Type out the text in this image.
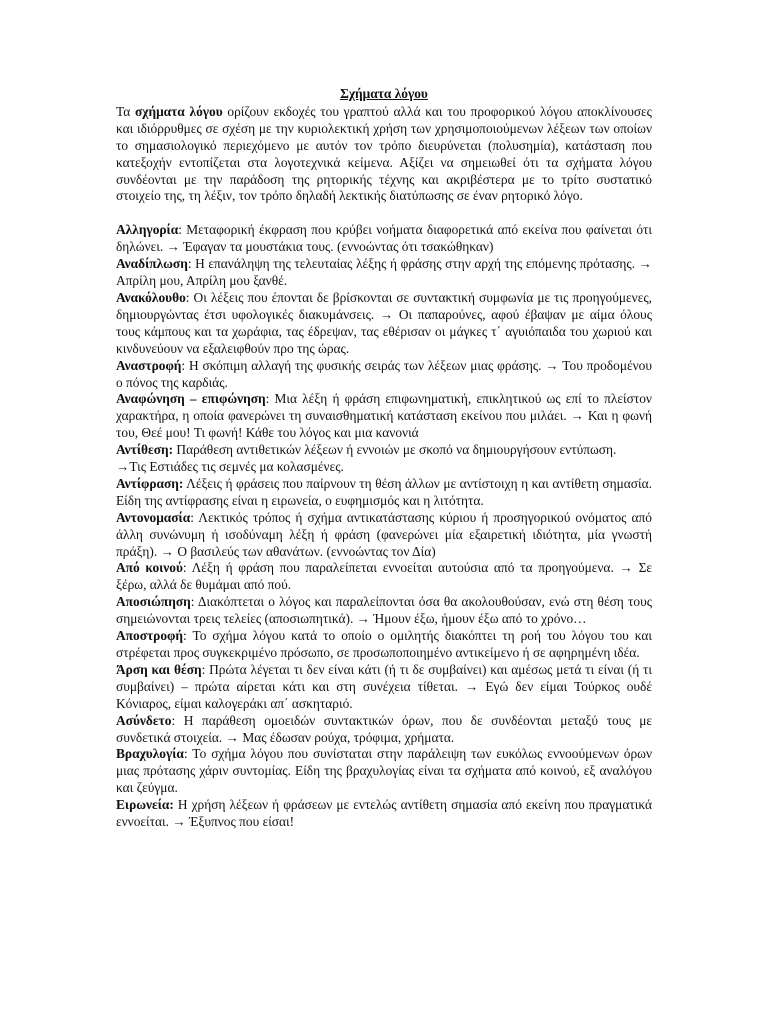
Σχήματα λόγου

Τα σχήματα λόγου ορίζουν εκδοχές του γραπτού αλλά και του προφορικού λόγου αποκλίνουσες και ιδιόρρυθμες σε σχέση με την κυριολεκτική χρήση των χρησιμοποιούμενων λέξεων των οποίων το σημασιολογικό περιεχόμενο με αυτόν τον τρόπο διευρύνεται (πολυσημία), κατάσταση που κατεξοχήν εντοπίζεται στα λογοτεχνικά κείμενα. Αξίζει να σημειωθεί ότι τα σχήματα λόγου συνδέονται με την παράδοση της ρητορικής τέχνης και ακριβέστερα με το τρίτο συστατικό στοιχείο της, τη λέξιν, τον τρόπο δηλαδή λεκτικής διατύπωσης σε έναν ρητορικό λόγο.

Αλληγορία: Μεταφορική έκφραση που κρύβει νοήματα διαφορετικά από εκείνα που φαίνεται ότι δηλώνει. → Έφαγαν τα μουστάκια τους. (εννοώντας ότι τσακώθηκαν)

Αναδίπλωση: Η επανάληψη της τελευταίας λέξης ή φράσης στην αρχή της επόμενης πρότασης. → Απρίλη μου, Απρίλη μου ξανθέ.

Ανακόλουθο: Οι λέξεις που έπονται δε βρίσκονται σε συντακτική συμφωνία με τις προηγούμενες, δημιουργώντας έτσι υφολογικές διακυμάνσεις. → Οι παπαρούνες, αφού έβαψαν με αίμα όλους τους κάμπους και τα χωράφια, τας έδρεψαν, τας εθέρισαν οι μάγκες τ΄ αγυιόπαιδα του χωριού και κινδυνεύουν να εξαλειφθούν προ της ώρας.

Αναστροφή: Η σκόπιμη αλλαγή της φυσικής σειράς των λέξεων μιας φράσης. → Του προδομένου ο πόνος της καρδιάς.

Αναφώνηση – επιφώνηση: Μια λέξη ή φράση επιφωνηματική, επικλητικού ως επί το πλείστον χαρακτήρα, η οποία φανερώνει τη συναισθηματική κατάσταση εκείνου που μιλάει. → Και η φωνή του, Θεέ μου! Τι φωνή! Κάθε του λόγος και μια κανονιά

Αντίθεση: Παράθεση αντιθετικών λέξεων ή εννοιών με σκοπό να δημιουργήσουν εντύπωση.

→Τις Εστιάδες τις σεμνές μα κολασμένες.

Αντίφραση: Λέξεις ή φράσεις που παίρνουν τη θέση άλλων με αντίστοιχη η και αντίθετη σημασία. Είδη της αντίφρασης είναι η ειρωνεία, ο ευφημισμός και η λιτότητα.

Αντονομασία: Λεκτικός τρόπος ή σχήμα αντικατάστασης κύριου ή προσηγορικού ονόματος από άλλη συνώνυμη ή ισοδύναμη λέξη ή φράση (φανερώνει μία εξαιρετική ιδιότητα, μία γνωστή πράξη). → Ο βασιλεύς των αθανάτων. (εννοώντας τον Δία)

Από κοινού: Λέξη ή φράση που παραλείπεται εννοείται αυτούσια από τα προηγούμενα. → Σε ξέρω, αλλά δε θυμάμαι από πού.

Αποσιώπηση: Διακόπτεται ο λόγος και παραλείπονται όσα θα ακολουθούσαν, ενώ στη θέση τους σημειώνονται τρεις τελείες (αποσιωπητικά). → Ήμουν έξω, ήμουν έξω από το χρόνο…

Αποστροφή: Το σχήμα λόγου κατά το οποίο ο ομιλητής διακόπτει τη ροή του λόγου του και στρέφεται προς συγκεκριμένο πρόσωπο, σε προσωποποιημένο αντικείμενο ή σε αφηρημένη ιδέα.

Άρση και θέση: Πρώτα λέγεται τι δεν είναι κάτι (ή τι δε συμβαίνει) και αμέσως μετά τι είναι (ή τι συμβαίνει) – πρώτα αίρεται κάτι και στη συνέχεια τίθεται. → Εγώ δεν είμαι Τούρκος ουδέ Κόνιαρος, είμαι καλογεράκι απ΄ ασκηταριό.

Ασύνδετο: Η παράθεση ομοειδών συντακτικών όρων, που δε συνδέονται μεταξύ τους με συνδετικά στοιχεία. → Μας έδωσαν ρούχα, τρόφιμα, χρήματα.

Βραχυλογία: Το σχήμα λόγου που συνίσταται στην παράλειψη των ευκόλως εννοούμενων όρων μιας πρότασης χάριν συντομίας. Είδη της βραχυλογίας είναι τα σχήματα από κοινού, εξ αναλόγου και ζεύγμα.

Ειρωνεία: Η χρήση λέξεων ή φράσεων με εντελώς αντίθετη σημασία από εκείνη που πραγματικά εννοείται. → Έξυπνος που είσαι!
